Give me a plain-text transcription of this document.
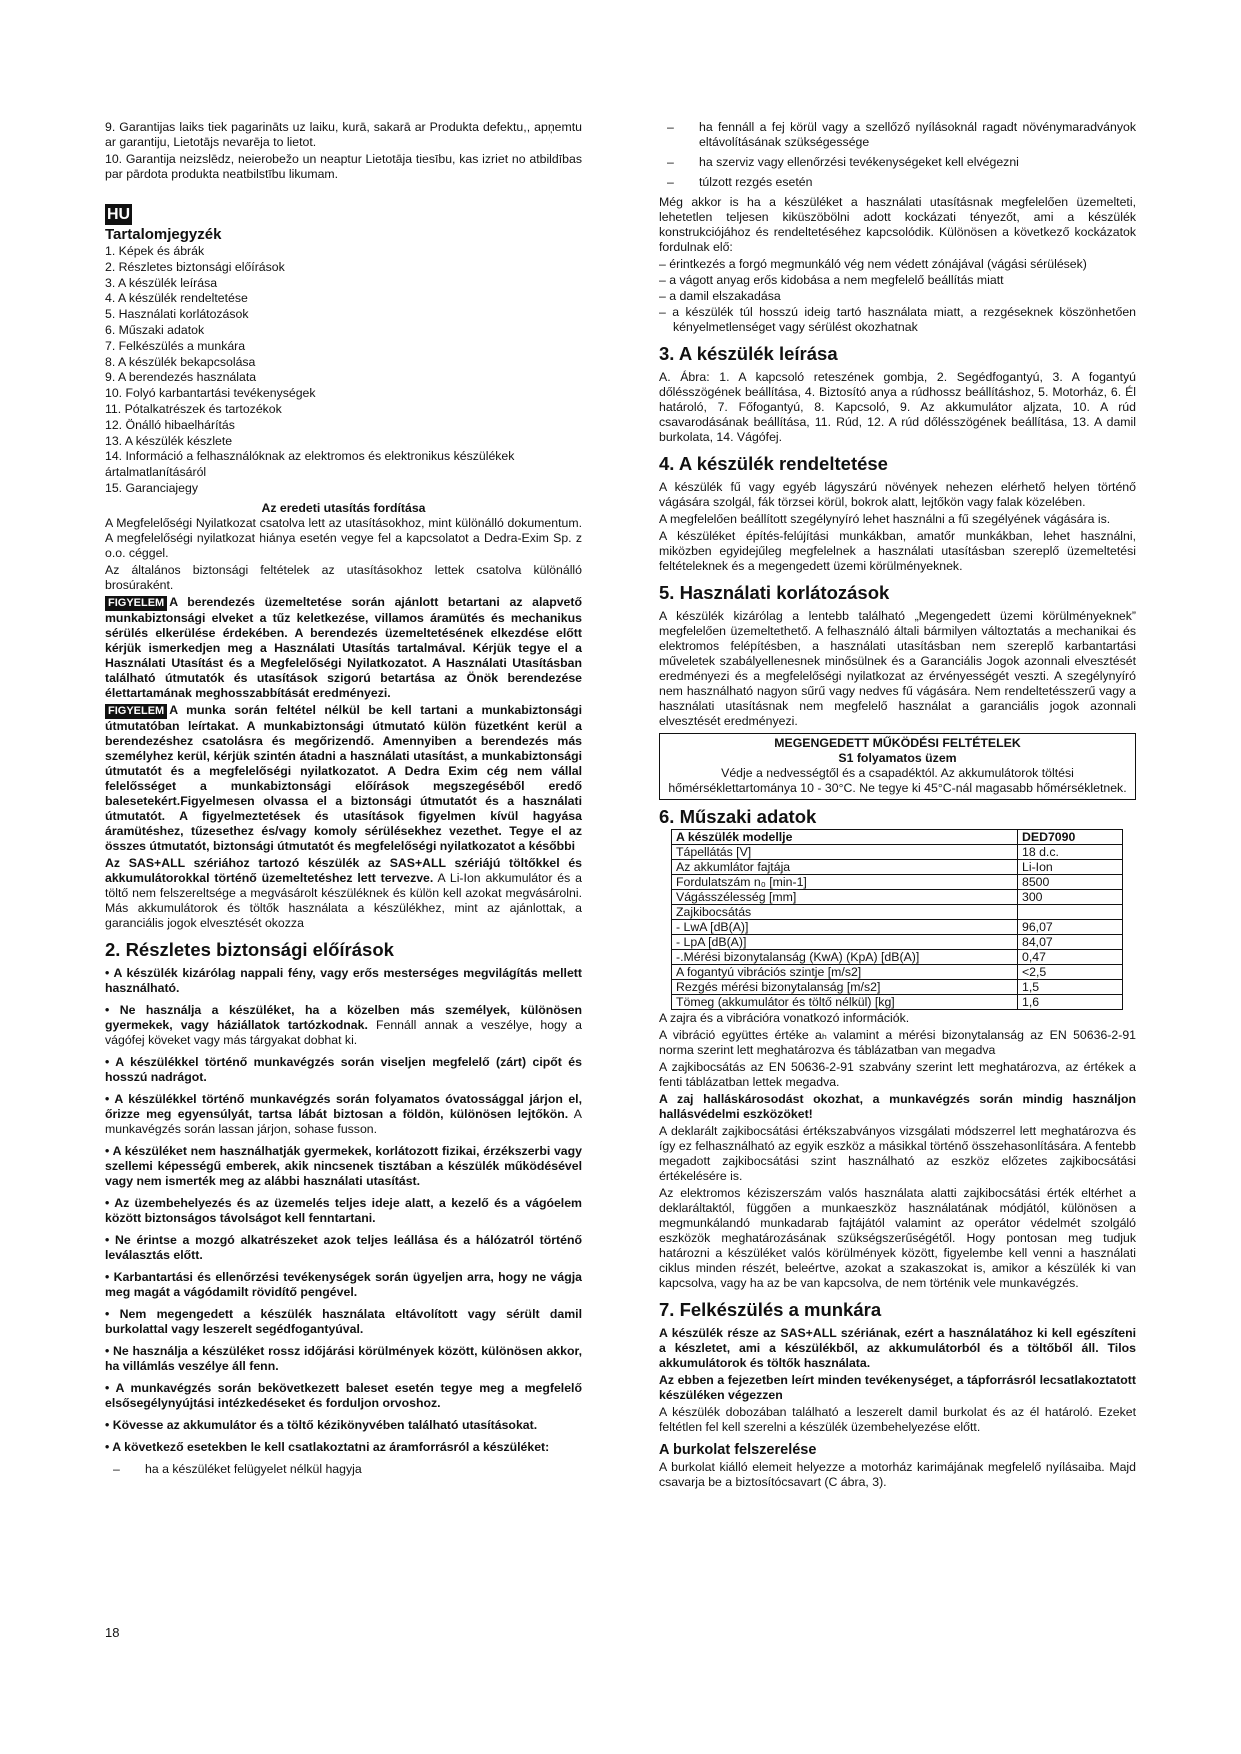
9. Garantijas laiks tiek pagarināts uz laiku, kurā, sakarā ar Produkta defektu,, apņemtu ar garantiju, Lietotājs nevarēja to lietot.

10. Garantija neizslēdz, neierobežo un neaptur Lietotāja tiesību, kas izriet no atbildības par pārdota produkta neatbilstību likumam.

HU
Tartalomjegyzék
1. Képek és ábrák
2. Részletes biztonsági előírások
3. A készülék leírása
4. A készülék rendeltetése
5. Használati korlátozások
6. Műszaki adatok
7. Felkészülés a munkára
8. A készülék bekapcsolása
9. A berendezés használata
10. Folyó karbantartási tevékenységek
11. Pótalkatrészek és tartozékok
12. Önálló hibaelhárítás
13. A készülék készlete
14. Információ a felhasználóknak az elektromos és elektronikus készülékek ártalmatlanításáról
15. Garanciajegy
Az eredeti utasítás fordítása

A Megfelelőségi Nyilatkozat csatolva lett az utasításokhoz, mint különálló dokumentum. A megfelelőségi nyilatkozat hiánya esetén vegye fel a kapcsolatot a Dedra-Exim Sp. z o.o. céggel.

Az általános biztonsági feltételek az utasításokhoz lettek csatolva különálló brosúraként.

FIGYELEM A berendezés üzemeltetése során ajánlott betartani az alapvető munkabiztonsági elveket a tűz keletkezése, villamos áramütés és mechanikus sérülés elkerülése érdekében. A berendezés üzemeltetésének elkezdése előtt kérjük ismerkedjen meg a Használati Utasítás tartalmával. Kérjük tegye el a Használati Utasítást és a Megfelelőségi Nyilatkozatot. A Használati Utasításban található útmutatók és utasítások szigorú betartása az Önök berendezése élettartamának meghosszabbítását eredményezi.

FIGYELEM A munka során feltétel nélkül be kell tartani a munkabiztonsági útmutatóban leírtakat. A munkabiztonsági útmutató külön füzetként kerül a berendezéshez csatolásra és megőrizendő. Amennyiben a berendezés más személyhez kerül, kérjük szintén átadni a használati utasítást, a munkabiztonsági útmutatót és a megfelelőségi nyilatkozatot. A Dedra Exim cég nem vállal felelősséget a munkabiztonsági előírások megszegéséből eredő balesetekért.Figyelmesen olvassa el a biztonsági útmutatót és a használati útmutatót. A figyelmeztetések és utasítások figyelmen kívül hagyása áramütéshez, tűzesethez és/vagy komoly sérülésekhez vezethet. Tegye el az összes útmutatót, biztonsági útmutatót és megfelelőségi nyilatkozatot a későbbi

Az SAS+ALL szériához tartozó készülék az SAS+ALL szériájú töltőkkel és akkumulátorokkal történő üzemeltetéshez lett tervezve. A Li-Ion akkumulátor és a töltő nem felszereltsége a megvásárolt készüléknek és külön kell azokat megvásárolni. Más akkumulátorok és töltők használata a készülékhez, mint az ajánlottak, a garanciális jogok elvesztését okozza

2. Részletes biztonsági előírások

• A készülék kizárólag nappali fény, vagy erős mesterséges megvilágítás mellett használható.

• Ne használja a készüléket, ha a közelben más személyek, különösen gyermekek, vagy háziállatok tartózkodnak. Fennáll annak a veszélye, hogy a vágófej köveket vagy más tárgyakat dobhat ki.

• A készülékkel történő munkavégzés során viseljen megfelelő (zárt) cipőt és hosszú nadrágot.

• A készülékkel történő munkavégzés során folyamatos óvatossággal járjon el, őrizze meg egyensúlyát, tartsa lábát biztosan a földön, különösen lejtőkön. A munkavégzés során lassan járjon, sohase fusson.

• A készüléket nem használhatják gyermekek, korlátozott fizikai, érzékszerbi vagy szellemi képességű emberek, akik nincsenek tisztában a készülék működésével vagy nem ismerték meg az alábbi használati utasítást.

• Az üzembehelyezés és az üzemelés teljes ideje alatt, a kezelő és a vágóelem között biztonságos távolságot kell fenntartani.

• Ne érintse a mozgó alkatrészeket azok teljes leállása és a hálózatról történő leválasztás előtt.

• Karbantartási és ellenőrzési tevékenységek során ügyeljen arra, hogy ne vágja meg magát a vágódamilt rövidítő pengével.

• Nem megengedett a készülék használata eltávolított vagy sérült damil burkolattal vagy leszerelt segédfogantyúval.

• Ne használja a készüléket rossz időjárási körülmények között, különösen akkor, ha villámlás veszélye áll fenn.

• A munkavégzés során bekövetkezett baleset esetén tegye meg a megfelelő elsősegélynyújtási intézkedéseket és forduljon orvoshoz.

• Kövesse az akkumulátor és a töltő kézikönyvében található utasításokat.

• A következő esetekben le kell csatlakoztatni az áramforrásról a készüléket:

– ha a készüléket felügyelet nélkül hagyja

– ha fennáll a fej körül vagy a szellőző nyílásoknál ragadt növénymaradványok eltávolításának szükségessége

– ha szerviz vagy ellenőrzési tevékenységeket kell elvégezni

– túlzott rezgés esetén

Még akkor is ha a készüléket a használati utasításnak megfelelően üzemelteti, lehetetlen teljesen kiküszöbölni adott kockázati tényezőt, ami a készülék konstrukciójához és rendeltetéséhez kapcsolódik. Különösen a következő kockázatok fordulnak elő:

– érintkezés a forgó megmunkáló vég nem védett zónájával (vágási sérülések)

– a vágott anyag erős kidobása a nem megfelelő beállítás miatt

– a damil elszakadása

– a készülék túl hosszú ideig tartó használata miatt, a rezgéseknek köszönhetően kényelmetlenséget vagy sérülést okozhatnak

3. A készülék leírása

A. Ábra: 1. A kapcsoló reteszének gombja, 2. Segédfogantyú, 3. A fogantyú dőlésszögének beállítása, 4. Biztosító anya a rúdhossz beállításhoz, 5. Motorház, 6. Él határoló, 7. Főfogantyú, 8. Kapcsoló, 9. Az akkumulátor aljzata, 10. A rúd csavarodásának beállítása, 11. Rúd, 12. A rúd dőlésszögének beállítása, 13. A damil burkolata, 14. Vágófej.

4. A készülék rendeltetése

A készülék fű vagy egyéb lágyszárú növények nehezen elérhető helyen történő vágására szolgál, fák törzsei körül, bokrok alatt, lejtőkön vagy falak közelében.

A megfelelően beállított szegélynyíró lehet használni a fű szegélyének vágására is.

A készüléket építés-felújítási munkákban, amatőr munkákban, lehet használni, miközben egyidejűleg megfelelnek a használati utasításban szereplő üzemeltetési feltételeknek és a megengedett üzemi körülményeknek.

5. Használati korlátozások

A készülék kizárólag a lentebb található „Megengedett üzemi körülményeknek” megfelelően üzemeltethető. A felhasználó általi bármilyen változtatás a mechanikai és elektromos felépítésben, a használati utasításban nem szereplő karbantartási műveletek szabályellenesnek minősülnek és a Garanciális Jogok azonnali elvesztését eredményezi és a megfelelőségi nyilatkozat az érvényességét veszti. A szegélynyíró nem használható nagyon sűrű vagy nedves fű vágására. Nem rendeltetésszerű vagy a használati utasításnak nem megfelelő használat a garanciális jogok azonnali elvesztését eredményezi.

MEGENGEDETT MŰKÖDÉSI FELTÉTELEK
S1 folyamatos üzem
Védje a nedvességtől és a csapadéktól. Az akkumulátorok töltési hőmérséklettartománya 10 - 30°C. Ne tegye ki 45°C-nál magasabb hőmérsékletnek.
6. Műszaki adatok
A készülék modellje	DED7090
Tápellátás [V]	18 d.c.
Az akkumlátor fajtája	Li-Ion
Fordulatszám n₀ [min-1]	8500
Vágásszélesség [mm]	300
Zajkibocsátás	
- LwA [dB(A)]	96,07
- LpA [dB(A)]	84,07
-.Mérési bizonytalanság (KwA) (KpA) [dB(A)]	0,47
A fogantyú vibrációs szintje [m/s2]	<2,5
Rezgés mérési bizonytalanság [m/s2]	1,5
Tömeg (akkumulátor és töltő nélkül) [kg]	1,6

A zajra és a vibrációra vonatkozó információk.

A vibráció együttes értéke aₕ valamint a mérési bizonytalanság az EN 50636-2-91 norma szerint lett meghatározva és táblázatban van megadva

A zajkibocsátás az EN 50636-2-91 szabvány szerint lett meghatározva, az értékek a fenti táblázatban lettek megadva.

A zaj halláskárosodást okozhat, a munkavégzés során mindig használjon hallásvédelmi eszközöket!

A deklarált zajkibocsátási értékszabványos vizsgálati módszerrel lett meghatározva és így ez felhasználható az egyik eszköz a másikkal történő összehasonlítására. A fentebb megadott zajkibocsátási szint használható az eszköz előzetes zajkibocsátási értékelésére is.

Az elektromos kéziszerszám valós használata alatti zajkibocsátási érték eltérhet a deklaráltaktól, függően a munkaeszköz használatának módjától, különösen a megmunkálandó munkadarab fajtájától valamint az operátor védelmét szolgáló eszközök meghatározásának szükségszerűségétől. Hogy pontosan meg tudjuk határozni a készüléket valós körülmények között, figyelembe kell venni a használati ciklus minden részét, beleértve, azokat a szakaszokat is, amikor a készülék ki van kapcsolva, vagy ha az be van kapcsolva, de nem történik vele munkavégzés.

7. Felkészülés a munkára

A készülék része az SAS+ALL szériának, ezért a használatához ki kell egészíteni a készletet, ami a készülékből, az akkumulátorból és a töltőből áll. Tilos akkumulátorok és töltők használata.

Az ebben a fejezetben leírt minden tevékenységet, a tápforrásról lecsatlakoztatott készüléken végezzen

A készülék dobozában található a leszerelt damil burkolat és az él határoló. Ezeket feltétlen fel kell szerelni a készülék üzembehelyezése előtt.

A burkolat felszerelése

A burkolat kiálló elemeit helyezze a motorház karimájának megfelelő nyílásaiba. Majd csavarja be a biztosítócsavart (C ábra, 3).

18
